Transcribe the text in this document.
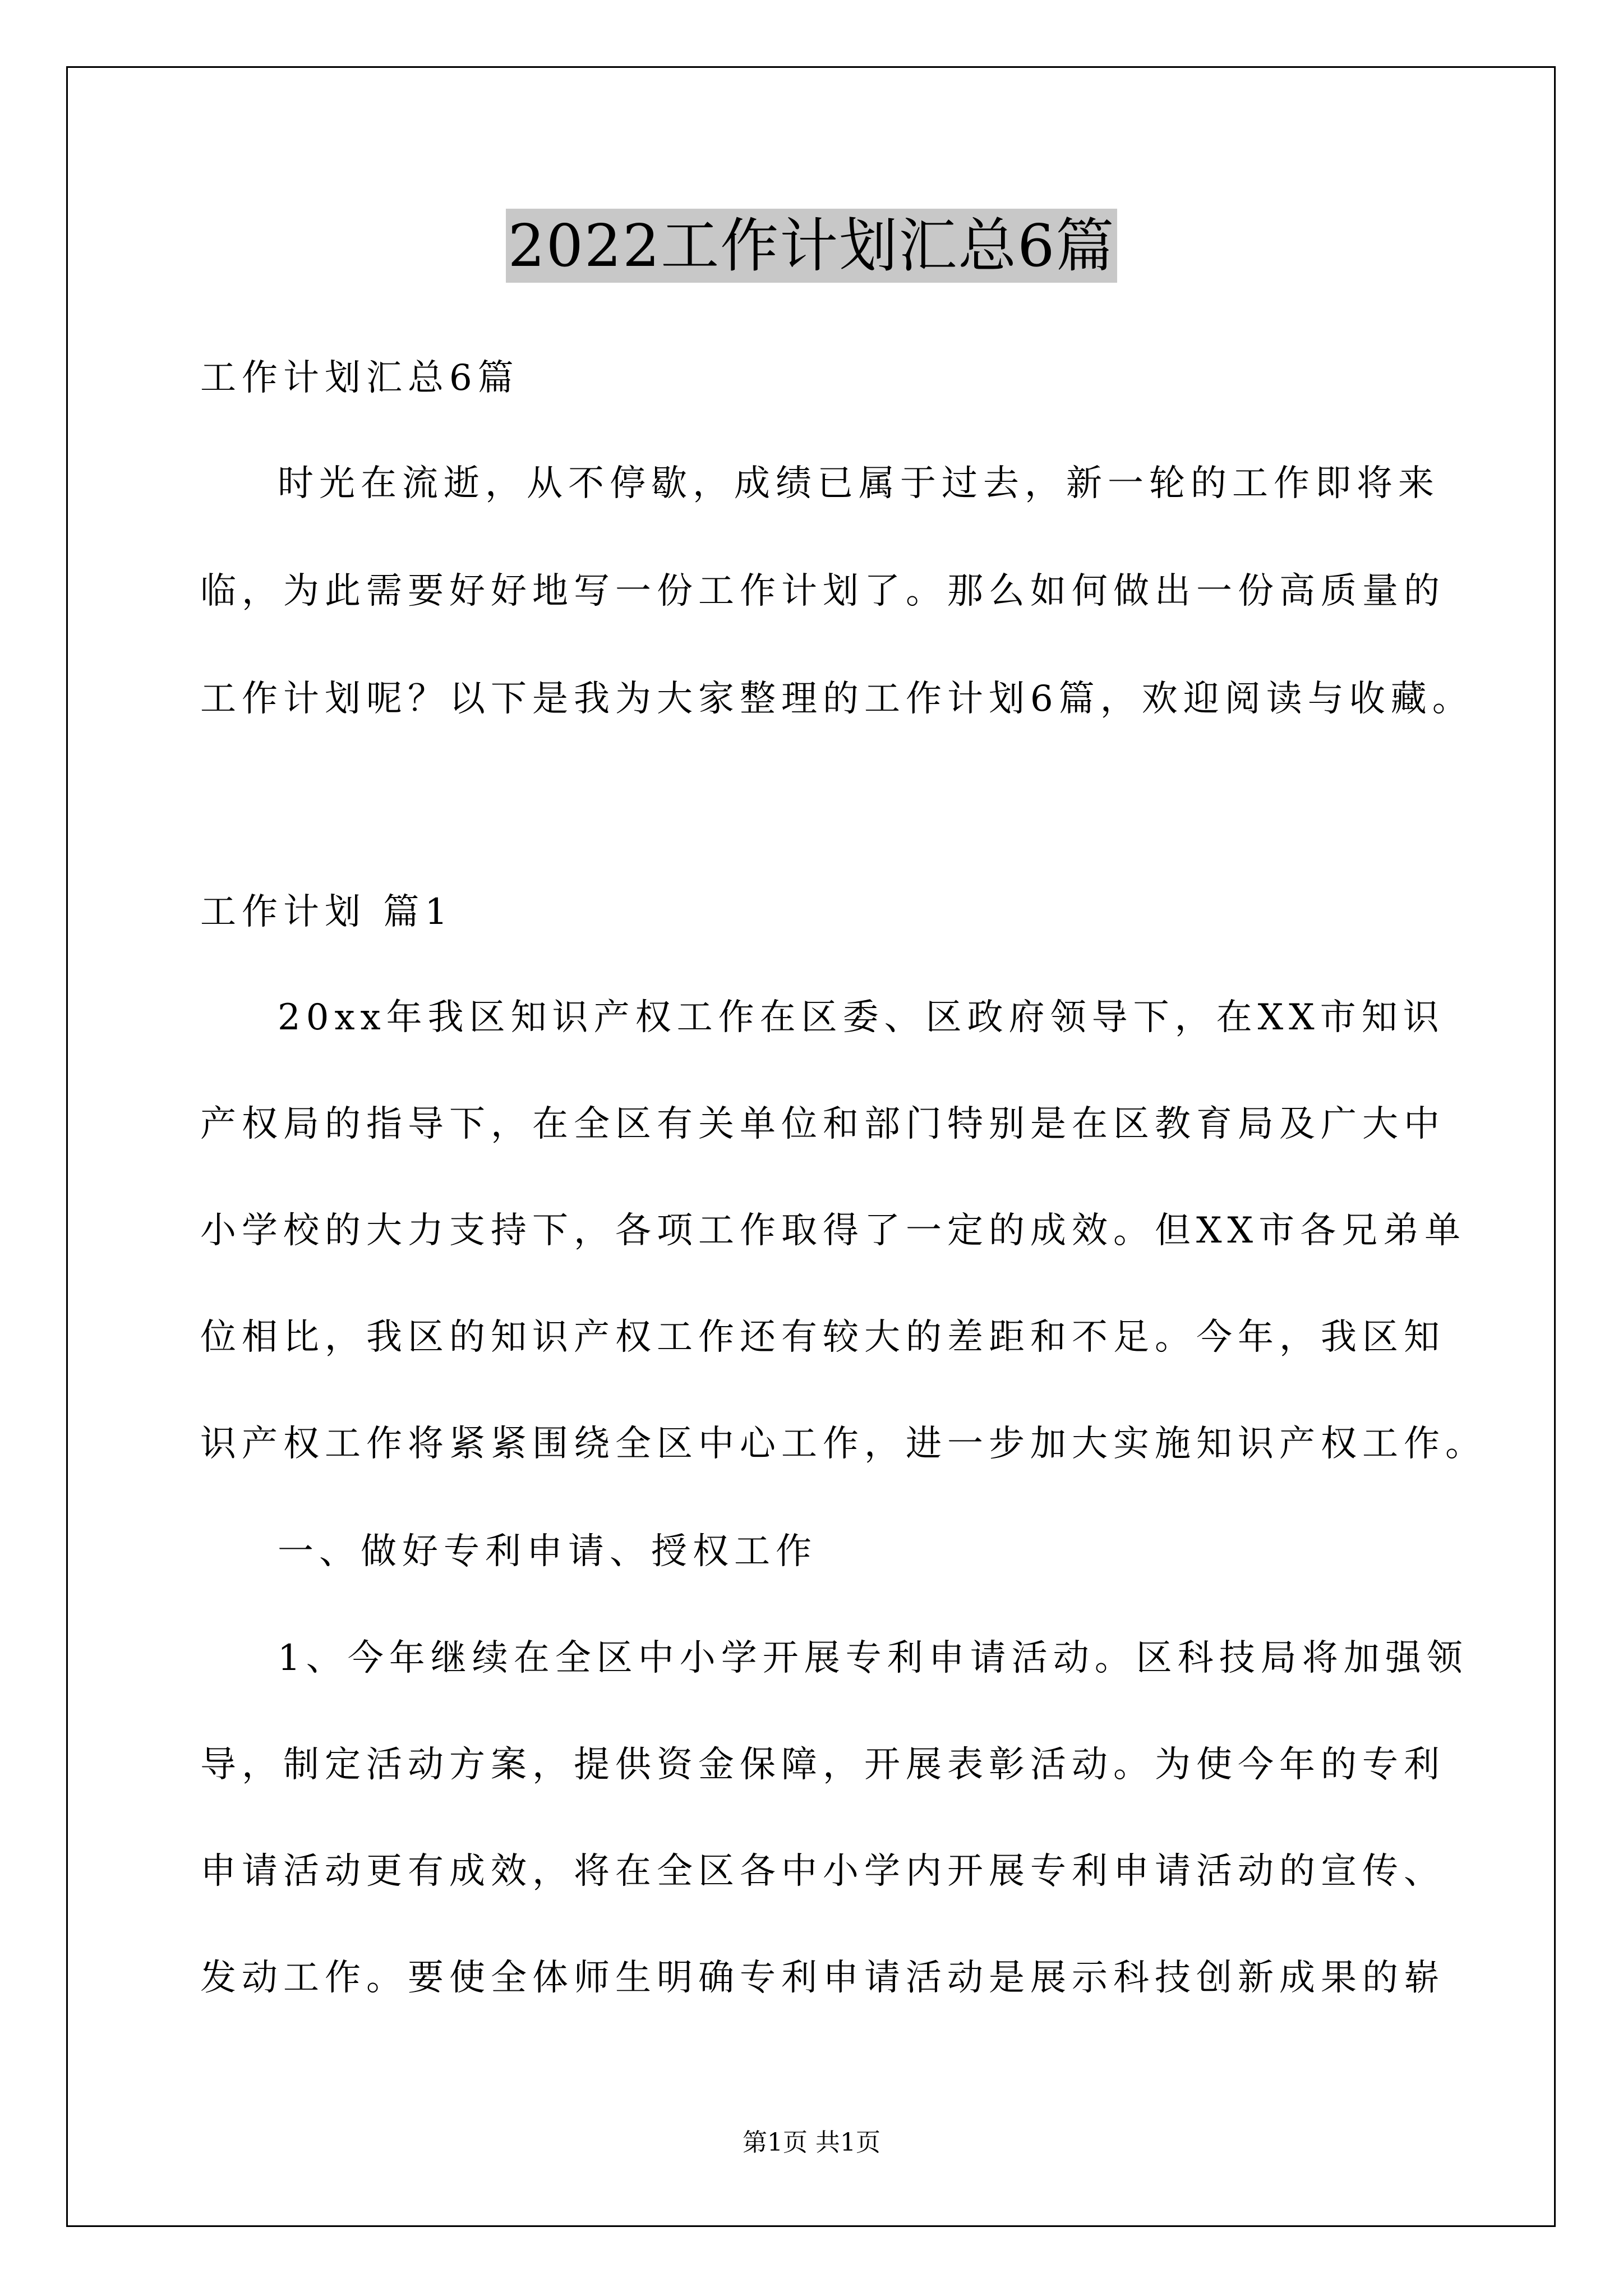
2022工作计划汇总6篇
工作计划汇总6篇
时光在流逝，从不停歇，成绩已属于过去，新一轮的工作即将来
临，为此需要好好地写一份工作计划了。那么如何做出一份高质量的
工作计划呢？以下是我为大家整理的工作计划6篇，欢迎阅读与收藏。
工作计划 篇1
20xx年我区知识产权工作在区委、区政府领导下，在XX市知识
产权局的指导下，在全区有关单位和部门特别是在区教育局及广大中
小学校的大力支持下，各项工作取得了一定的成效。但XX市各兄弟单
位相比，我区的知识产权工作还有较大的差距和不足。今年，我区知
识产权工作将紧紧围绕全区中心工作，进一步加大实施知识产权工作。
一、做好专利申请、授权工作
1、今年继续在全区中小学开展专利申请活动。区科技局将加强领
导，制定活动方案，提供资金保障，开展表彰活动。为使今年的专利
申请活动更有成效，将在全区各中小学内开展专利申请活动的宣传、
发动工作。要使全体师生明确专利申请活动是展示科技创新成果的崭
第1页 共1页
